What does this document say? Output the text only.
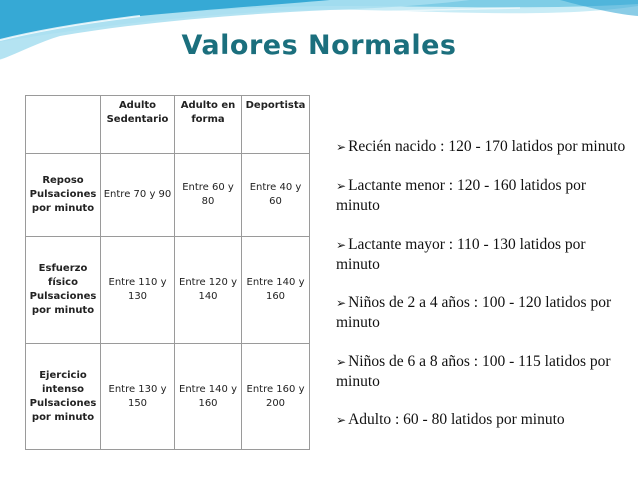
Valores Normales
	Adulto Sedentario	Adulto en forma	Deportista
Reposo Pulsaciones por minuto	Entre 70 y 90	Entre 60 y 80	Entre 40 y 60
Esfuerzo físico Pulsaciones por minuto	Entre 110 y 130	Entre 120 y 140	Entre 140 y 160
Ejercicio intenso Pulsaciones por minuto	Entre 130 y 150	Entre 140 y 160	Entre 160 y 200
➢ Recién nacido : 120 - 170 latidos por minuto
➢ Lactante menor : 120 - 160 latidos por minuto
➢ Lactante mayor : 110 - 130 latidos por minuto
➢ Niños de 2 a 4 años : 100 - 120 latidos por minuto
➢ Niños de 6 a 8 años : 100 - 115 latidos por minuto
➢ Adulto : 60 - 80 latidos por minuto
